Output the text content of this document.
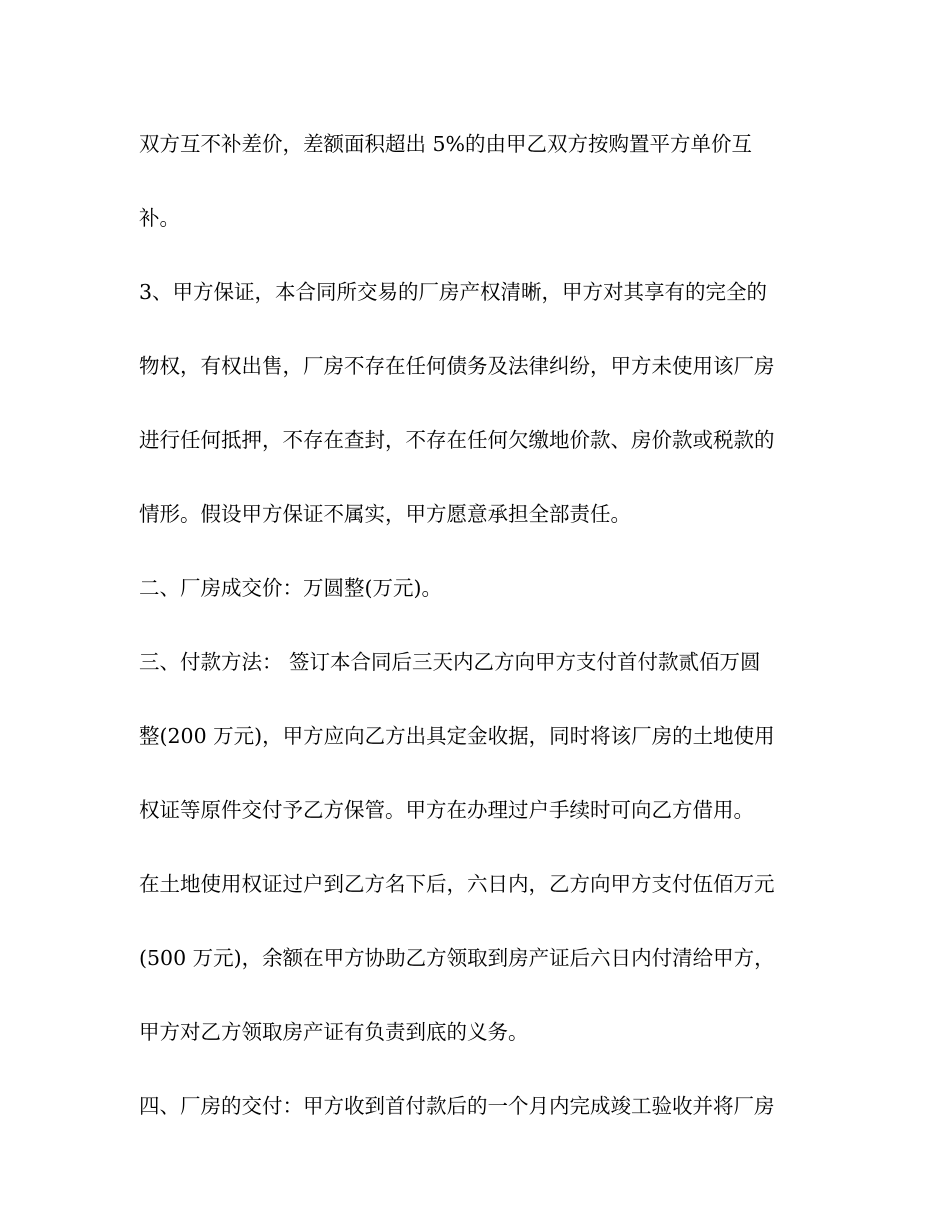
双方互不补差价，差额面积超出 5%的由甲乙双方按购置平方单价互
补。
3、甲方保证，本合同所交易的厂房产权清晰，甲方对其享有的完全的
物权，有权出售，厂房不存在任何债务及法律纠纷，甲方未使用该厂房
进行任何抵押，不存在查封，不存在任何欠缴地价款、房价款或税款的
情形。假设甲方保证不属实，甲方愿意承担全部责任。
二、厂房成交价：万圆整(万元)。
三、付款方法： 签订本合同后三天内乙方向甲方支付首付款贰佰万圆
整(200 万元)，甲方应向乙方出具定金收据，同时将该厂房的土地使用
权证等原件交付予乙方保管。甲方在办理过户手续时可向乙方借用。
在土地使用权证过户到乙方名下后，六日内，乙方向甲方支付伍佰万元
(500 万元)，余额在甲方协助乙方领取到房产证后六日内付清给甲方，
甲方对乙方领取房产证有负责到底的义务。
四、厂房的交付：甲方收到首付款后的一个月内完成竣工验收并将厂房
